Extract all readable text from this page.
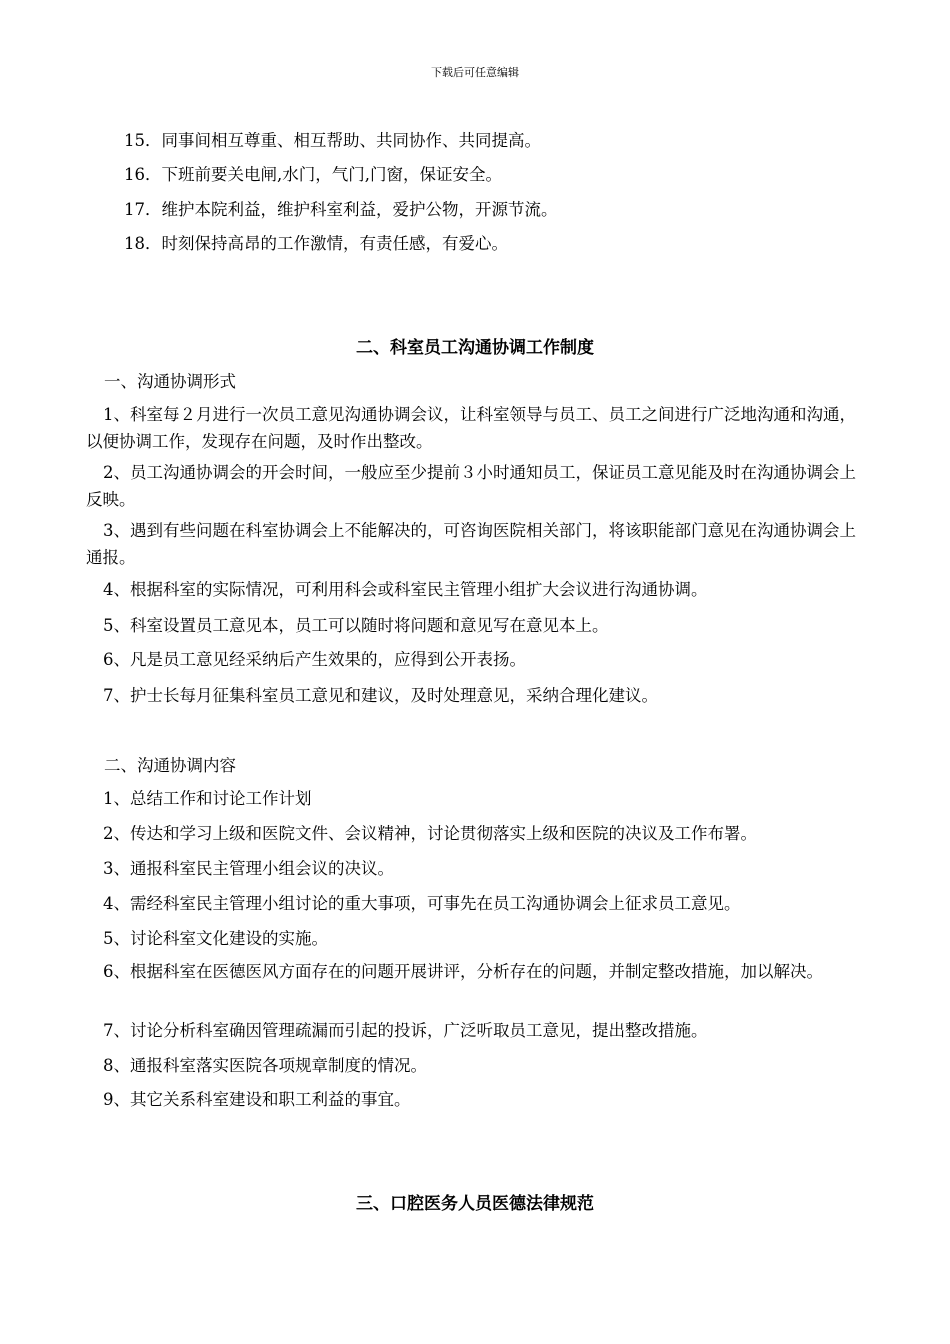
下载后可任意编辑
15．同事间相互尊重、相互帮助、共同协作、共同提高。
16．下班前要关电闸,水门，气门,门窗，保证安全。
17．维护本院利益，维护科室利益，爱护公物，开源节流。
18．时刻保持高昂的工作激情，有责任感，有爱心。
二、科室员工沟通协调工作制度
一、沟通协调形式
1、科室每２月进行一次员工意见沟通协调会议，让科室领导与员工、员工之间进行广泛地沟通和沟通，以便协调工作，发现存在问题，及时作出整改。
2、员工沟通协调会的开会时间，一般应至少提前３小时通知员工，保证员工意见能及时在沟通协调会上反映。
3、遇到有些问题在科室协调会上不能解决的，可咨询医院相关部门，将该职能部门意见在沟通协调会上通报。
4、根据科室的实际情况，可利用科会或科室民主管理小组扩大会议进行沟通协调。
5、科室设置员工意见本，员工可以随时将问题和意见写在意见本上。
6、凡是员工意见经采纳后产生效果的，应得到公开表扬。
7、护士长每月征集科室员工意见和建议，及时处理意见，采纳合理化建议。
二、沟通协调内容
1、总结工作和讨论工作计划
2、传达和学习上级和医院文件、会议精神，讨论贯彻落实上级和医院的决议及工作布署。
3、通报科室民主管理小组会议的决议。
4、需经科室民主管理小组讨论的重大事项，可事先在员工沟通协调会上征求员工意见。
5、讨论科室文化建设的实施。
6、根据科室在医德医风方面存在的问题开展讲评，分析存在的问题，并制定整改措施，加以解决。
7、讨论分析科室确因管理疏漏而引起的投诉，广泛听取员工意见，提出整改措施。
8、通报科室落实医院各项规章制度的情况。
9、其它关系科室建设和职工利益的事宜。
三、口腔医务人员医德法律规范
